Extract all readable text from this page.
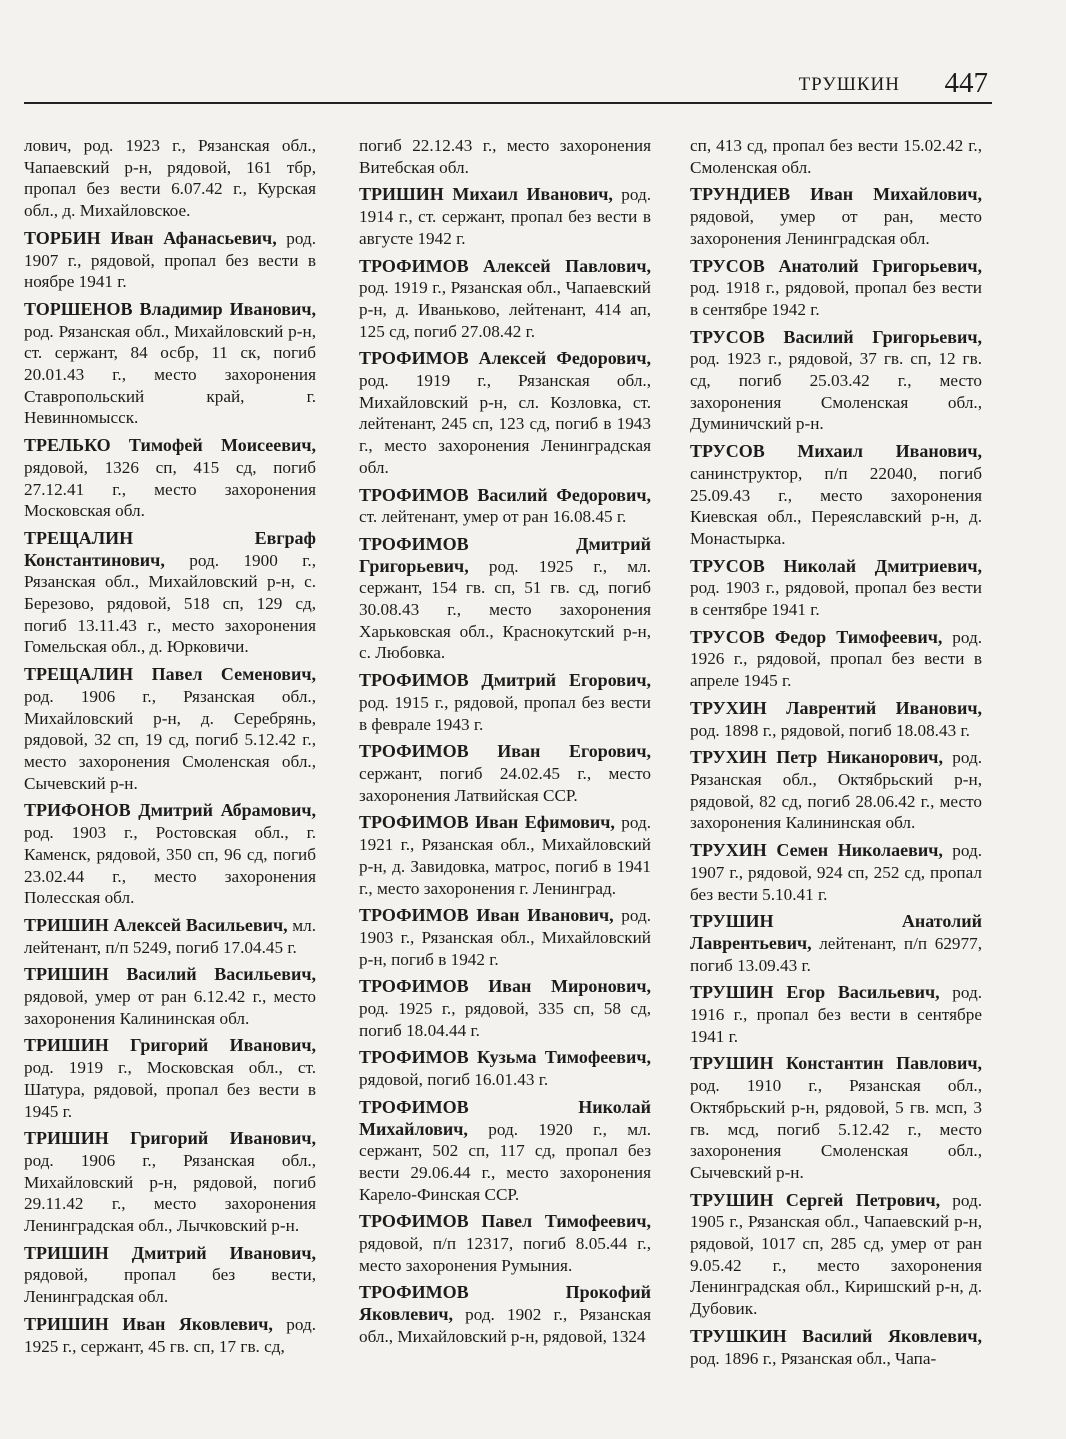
ТРУШКИН 447

лович, род. 1923 г., Рязанская обл., Чапаевский р-н, рядовой, 161 тбр, пропал без вести 6.07.42 г., Курская обл., д. Михайловское.

ТОРБИН Иван Афанасьевич, род. 1907 г., рядовой, пропал без вести в ноябре 1941 г.

ТОРШЕНОВ Владимир Иванович, род. Рязанская обл., Михайловский р-н, ст. сержант, 84 осбр, 11 ск, погиб 20.01.43 г., место захоронения Ставропольский край, г. Невинномысск.

ТРЕЛЬКО Тимофей Моисеевич, рядовой, 1326 сп, 415 сд, погиб 27.12.41 г., место захоронения Московская обл.

ТРЕЩАЛИН Евграф Константинович, род. 1900 г., Рязанская обл., Михайловский р-н, с. Березово, рядовой, 518 сп, 129 сд, погиб 13.11.43 г., место захоронения Гомельская обл., д. Юрковичи.

ТРЕЩАЛИН Павел Семенович, род. 1906 г., Рязанская обл., Михайловский р-н, д. Серебрянь, рядовой, 32 сп, 19 сд, погиб 5.12.42 г., место захоронения Смоленская обл., Сычевский р-н.

ТРИФОНОВ Дмитрий Абрамович, род. 1903 г., Ростовская обл., г. Каменск, рядовой, 350 сп, 96 сд, погиб 23.02.44 г., место захоронения Полесская обл.

ТРИШИН Алексей Васильевич, мл. лейтенант, п/п 5249, погиб 17.04.45 г.

ТРИШИН Василий Васильевич, рядовой, умер от ран 6.12.42 г., место захоронения Калининская обл.

ТРИШИН Григорий Иванович, род. 1919 г., Московская обл., ст. Шатура, рядовой, пропал без вести в 1945 г.

ТРИШИН Григорий Иванович, род. 1906 г., Рязанская обл., Михайловский р-н, рядовой, погиб 29.11.42 г., место захоронения Ленинградская обл., Лычковский р-н.

ТРИШИН Дмитрий Иванович, рядовой, пропал без вести, Ленинградская обл.

ТРИШИН Иван Яковлевич, род. 1925 г., сержант, 45 гв. сп, 17 гв. сд,

погиб 22.12.43 г., место захоронения Витебская обл.

ТРИШИН Михаил Иванович, род. 1914 г., ст. сержант, пропал без вести в августе 1942 г.

ТРОФИМОВ Алексей Павлович, род. 1919 г., Рязанская обл., Чапаевский р-н, д. Иваньково, лейтенант, 414 ап, 125 сд, погиб 27.08.42 г.

ТРОФИМОВ Алексей Федорович, род. 1919 г., Рязанская обл., Михайловский р-н, сл. Козловка, ст. лейтенант, 245 сп, 123 сд, погиб в 1943 г., место захоронения Ленинградская обл.

ТРОФИМОВ Василий Федорович, ст. лейтенант, умер от ран 16.08.45 г.

ТРОФИМОВ Дмитрий Григорьевич, род. 1925 г., мл. сержант, 154 гв. сп, 51 гв. сд, погиб 30.08.43 г., место захоронения Харьковская обл., Краснокутский р-н, с. Любовка.

ТРОФИМОВ Дмитрий Егорович, род. 1915 г., рядовой, пропал без вести в феврале 1943 г.

ТРОФИМОВ Иван Егорович, сержант, погиб 24.02.45 г., место захоронения Латвийская ССР.

ТРОФИМОВ Иван Ефимович, род. 1921 г., Рязанская обл., Михайловский р-н, д. Завидовка, матрос, погиб в 1941 г., место захоронения г. Ленинград.

ТРОФИМОВ Иван Иванович, род. 1903 г., Рязанская обл., Михайловский р-н, погиб в 1942 г.

ТРОФИМОВ Иван Миронович, род. 1925 г., рядовой, 335 сп, 58 сд, погиб 18.04.44 г.

ТРОФИМОВ Кузьма Тимофеевич, рядовой, погиб 16.01.43 г.

ТРОФИМОВ Николай Михайлович, род. 1920 г., мл. сержант, 502 сп, 117 сд, пропал без вести 29.06.44 г., место захоронения Карело-Финская ССР.

ТРОФИМОВ Павел Тимофеевич, рядовой, п/п 12317, погиб 8.05.44 г., место захоронения Румыния.

ТРОФИМОВ Прокофий Яковлевич, род. 1902 г., Рязанская обл., Михайловский р-н, рядовой, 1324

сп, 413 сд, пропал без вести 15.02.42 г., Смоленская обл.

ТРУНДИЕВ Иван Михайлович, рядовой, умер от ран, место захоронения Ленинградская обл.

ТРУСОВ Анатолий Григорьевич, род. 1918 г., рядовой, пропал без вести в сентябре 1942 г.

ТРУСОВ Василий Григорьевич, род. 1923 г., рядовой, 37 гв. сп, 12 гв. сд, погиб 25.03.42 г., место захоронения Смоленская обл., Думиничский р-н.

ТРУСОВ Михаил Иванович, санинструктор, п/п 22040, погиб 25.09.43 г., место захоронения Киевская обл., Переяславский р-н, д. Монастырка.

ТРУСОВ Николай Дмитриевич, род. 1903 г., рядовой, пропал без вести в сентябре 1941 г.

ТРУСОВ Федор Тимофеевич, род. 1926 г., рядовой, пропал без вести в апреле 1945 г.

ТРУХИН Лаврентий Иванович, род. 1898 г., рядовой, погиб 18.08.43 г.

ТРУХИН Петр Никанорович, род. Рязанская обл., Октябрьский р-н, рядовой, 82 сд, погиб 28.06.42 г., место захоронения Калининская обл.

ТРУХИН Семен Николаевич, род. 1907 г., рядовой, 924 сп, 252 сд, пропал без вести 5.10.41 г.

ТРУШИН Анатолий Лаврентьевич, лейтенант, п/п 62977, погиб 13.09.43 г.

ТРУШИН Егор Васильевич, род. 1916 г., пропал без вести в сентябре 1941 г.

ТРУШИН Константин Павлович, род. 1910 г., Рязанская обл., Октябрьский р-н, рядовой, 5 гв. мсп, 3 гв. мсд, погиб 5.12.42 г., место захоронения Смоленская обл., Сычевский р-н.

ТРУШИН Сергей Петрович, род. 1905 г., Рязанская обл., Чапаевский р-н, рядовой, 1017 сп, 285 сд, умер от ран 9.05.42 г., место захоронения Ленинградская обл., Киришский р-н, д. Дубовик.

ТРУШКИН Василий Яковлевич, род. 1896 г., Рязанская обл., Чапа-
